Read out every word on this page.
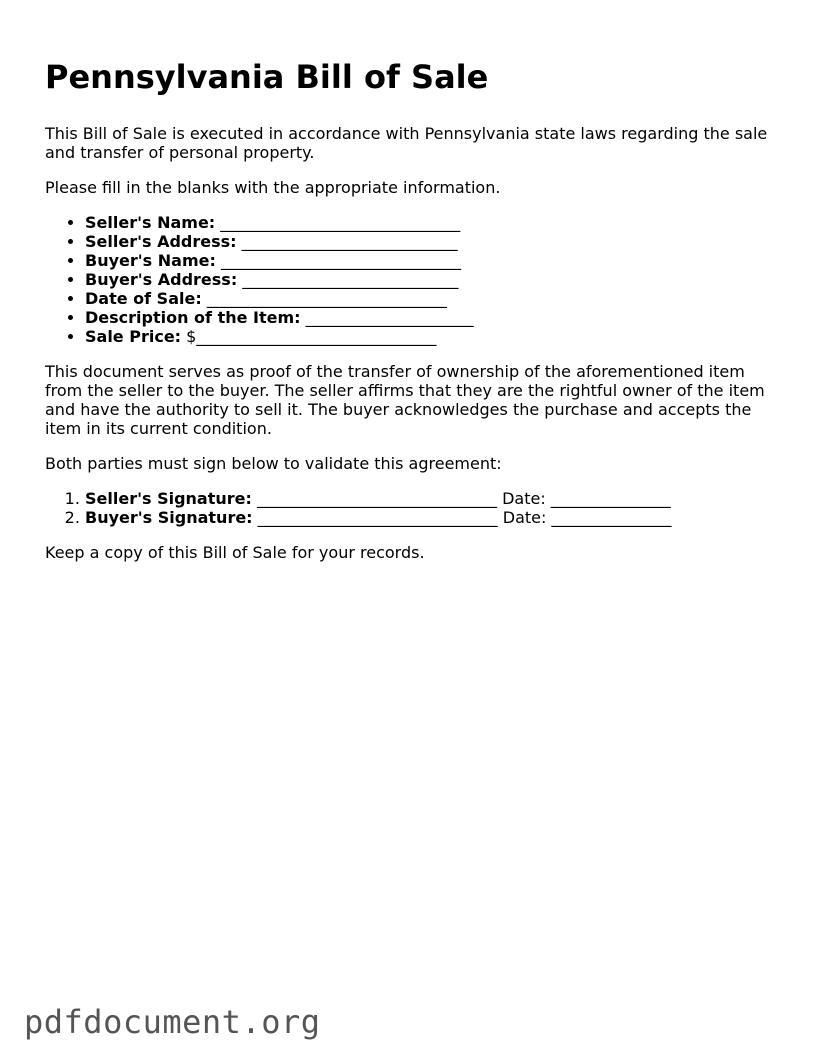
Pennsylvania Bill of Sale

This Bill of Sale is executed in accordance with Pennsylvania state laws regarding the sale and transfer of personal property.

Please fill in the blanks with the appropriate information.

• Seller's Name: ______________________________
• Seller's Address: ___________________________
• Buyer's Name: ______________________________
• Buyer's Address: ___________________________
• Date of Sale: ______________________________
• Description of the Item: _____________________
• Sale Price: $______________________________

This document serves as proof of the transfer of ownership of the aforementioned item from the seller to the buyer. The seller affirms that they are the rightful owner of the item and have the authority to sell it. The buyer acknowledges the purchase and accepts the item in its current condition.

Both parties must sign below to validate this agreement:

1. Seller's Signature: ______________________________ Date: _______________
2. Buyer's Signature: ______________________________ Date: _______________

Keep a copy of this Bill of Sale for your records.

pdfdocument.org
